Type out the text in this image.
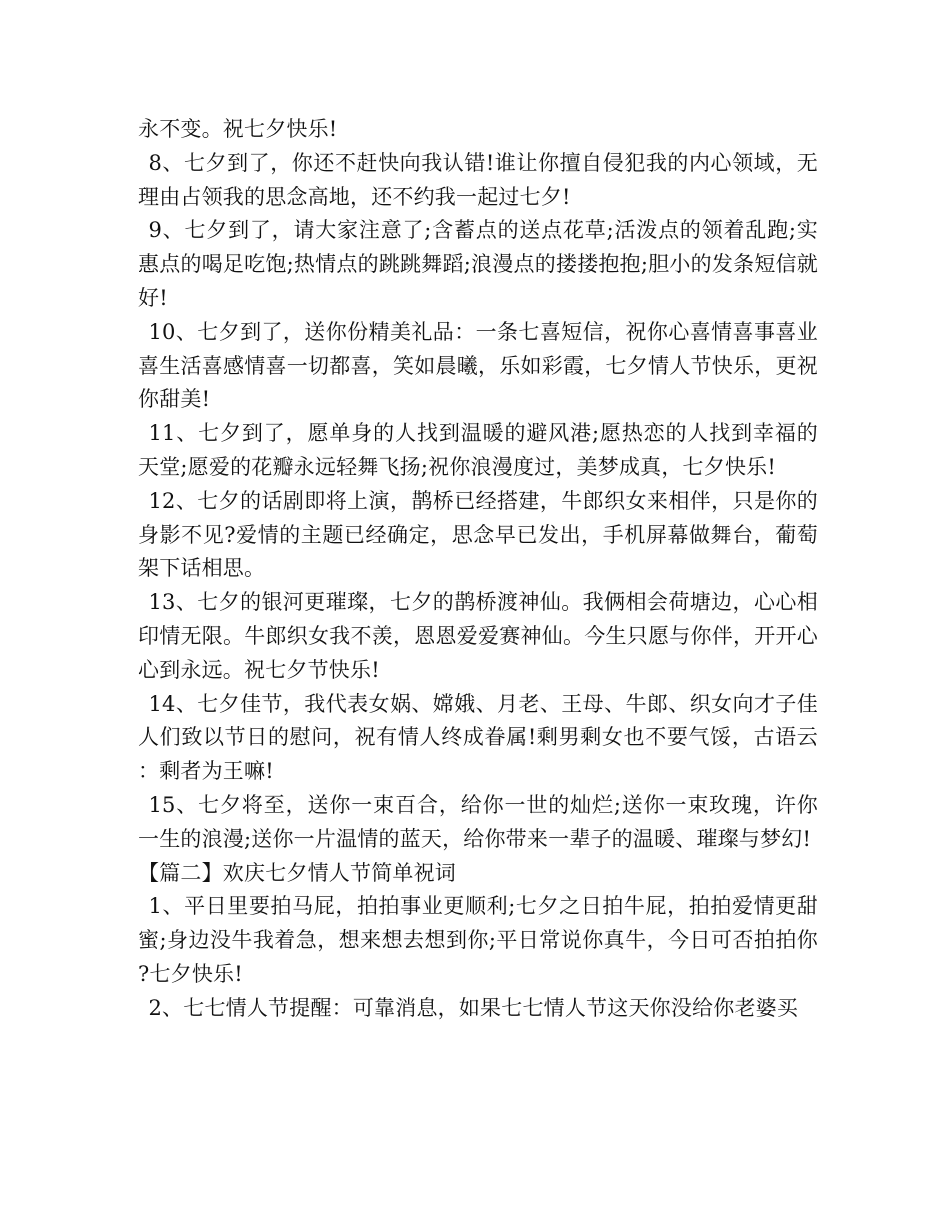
永不变。祝七夕快乐!

8、七夕到了，你还不赶快向我认错!谁让你擅自侵犯我的内心领域，无理由占领我的思念高地，还不约我一起过七夕!

9、七夕到了，请大家注意了;含蓄点的送点花草;活泼点的领着乱跑;实惠点的喝足吃饱;热情点的跳跳舞蹈;浪漫点的搂搂抱抱;胆小的发条短信就好!

10、七夕到了，送你份精美礼品：一条七喜短信，祝你心喜情喜事喜业喜生活喜感情喜一切都喜，笑如晨曦，乐如彩霞，七夕情人节快乐，更祝你甜美!

11、七夕到了，愿单身的人找到温暖的避风港;愿热恋的人找到幸福的天堂;愿爱的花瓣永远轻舞飞扬;祝你浪漫度过，美梦成真，七夕快乐!

12、七夕的话剧即将上演，鹊桥已经搭建，牛郎织女来相伴，只是你的身影不见?爱情的主题已经确定，思念早已发出，手机屏幕做舞台，葡萄架下话相思。

13、七夕的银河更璀璨，七夕的鹊桥渡神仙。我俩相会荷塘边，心心相印情无限。牛郎织女我不羡，恩恩爱爱赛神仙。今生只愿与你伴，开开心心到永远。祝七夕节快乐!

14、七夕佳节，我代表女娲、嫦娥、月老、王母、牛郎、织女向才子佳人们致以节日的慰问，祝有情人终成眷属!剩男剩女也不要气馁，古语云：剩者为王嘛!

15、七夕将至，送你一束百合，给你一世的灿烂;送你一束玫瑰，许你一生的浪漫;送你一片温情的蓝天，给你带来一辈子的温暖、璀璨与梦幻!

【篇二】欢庆七夕情人节简单祝词

1、平日里要拍马屁，拍拍事业更顺利;七夕之日拍牛屁，拍拍爱情更甜蜜;身边没牛我着急，想来想去想到你;平日常说你真牛，今日可否拍拍你?七夕快乐!

2、七七情人节提醒：可靠消息，如果七七情人节这天你没给你老婆买
